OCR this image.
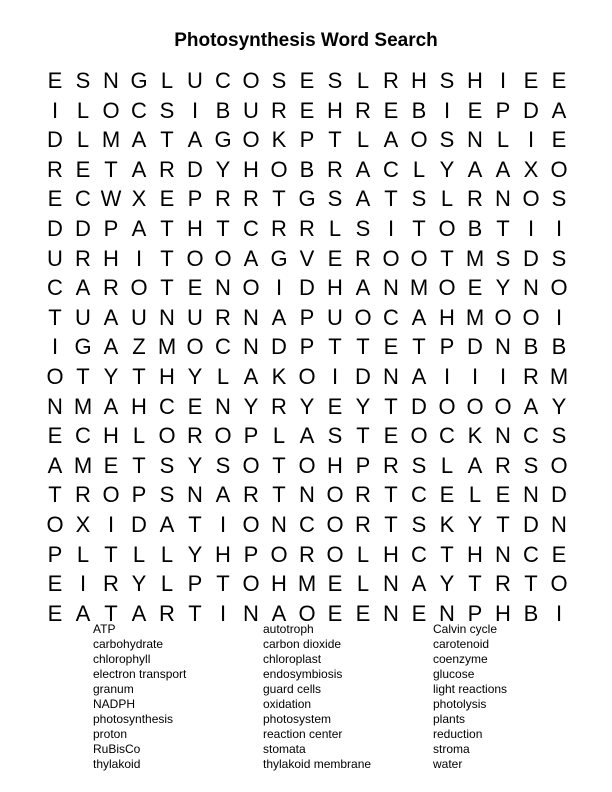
Photosynthesis Word Search
E S N G L U C O S E S L R H S H I E E
I L O C S I B U R E H R E B I E P D A
D L M A T A G O K P T L A O S N L I E
R E T A R D Y H O B R A C L Y A A X O
E C W X E P R R T G S A T S L R N O S
D D P A T H T C R R L S I T O B T I I
U R H I T O O A G V E R O O T M S D S
C A R O T E N O I D H A N M O E Y N O
T U A U N U R N A P U O C A H M O O I
I G A Z M O C N D P T T E T P D N B B
O T Y T H Y L A K O I D N A I I I R M
N M A H C E N Y R Y E Y T D O O O A Y
E C H L O R O P L A S T E O C K N C S
A M E T S Y S O T O H P R S L A R S O
T R O P S N A R T N O R T C E L E N D
O X I D A T I O N C O R T S K Y T D N
P L T L L Y H P O R O L H C T H N C E
E I R Y L P T O H M E L N A Y T R T O
E A T A R T I N A O E E N E N P H B I
ATP
carbohydrate
chlorophyll
electron transport
granum
NADPH
photosynthesis
proton
RuBisCo
thylakoid
autotroph
carbon dioxide
chloroplast
endosymbiosis
guard cells
oxidation
photosystem
reaction center
stomata
thylakoid membrane
Calvin cycle
carotenoid
coenzyme
glucose
light reactions
photolysis
plants
reduction
stroma
water
